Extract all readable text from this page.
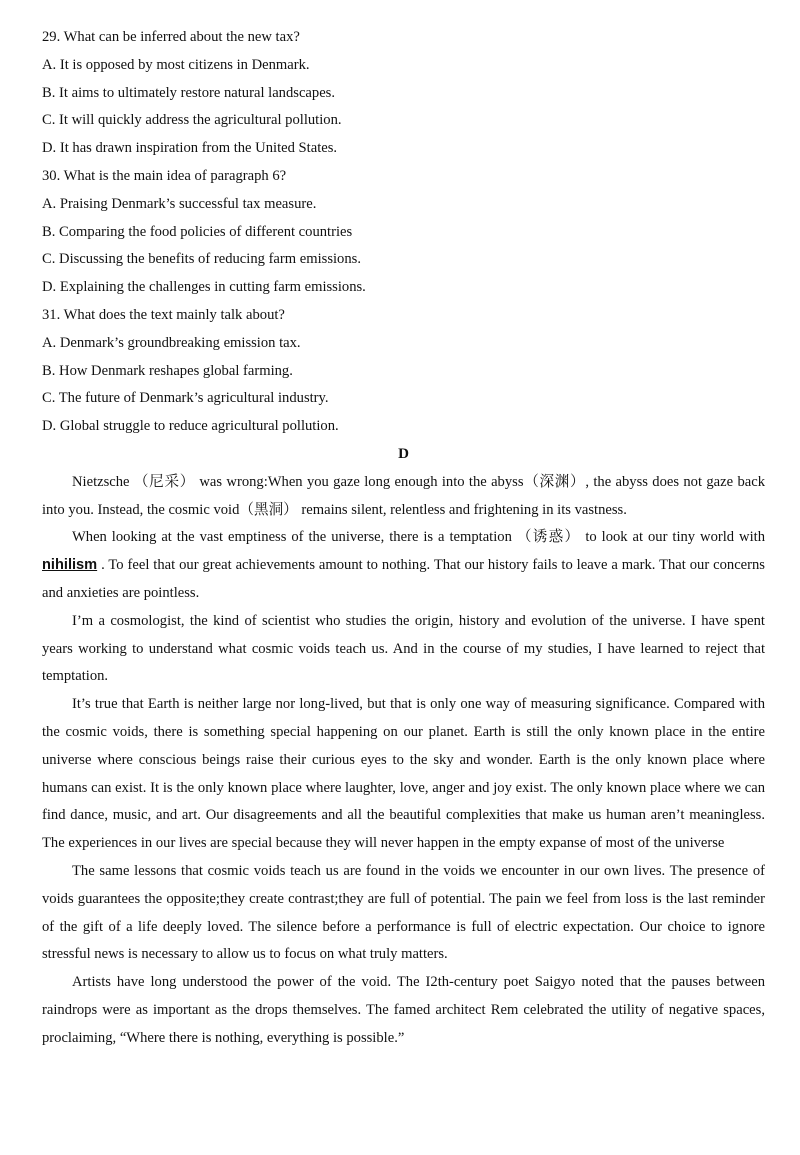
29. What can be inferred about the new tax?
A. It is opposed by most citizens in Denmark.
B. It aims to ultimately restore natural landscapes.
C. It will quickly address the agricultural pollution.
D. It has drawn inspiration from the United States.
30. What is the main idea of paragraph 6?
A. Praising Denmark’s successful tax measure.
B. Comparing the food policies of different countries
C. Discussing the benefits of reducing farm emissions.
D. Explaining the challenges in cutting farm emissions.
31. What does the text mainly talk about?
A. Denmark’s groundbreaking emission tax.
B. How Denmark reshapes global farming.
C. The future of Denmark’s agricultural industry.
D. Global struggle to reduce agricultural pollution.
D

Nietzsche （尼采） was wrong:When you gaze long enough into the abyss（深渊）, the abyss does not gaze back into you. Instead, the cosmic void（黑洞） remains silent, relentless and frightening in its vastness.

When looking at the vast emptiness of the universe, there is a temptation （诱惑） to look at our tiny world with nihilism . To feel that our great achievements amount to nothing. That our history fails to leave a mark. That our concerns and anxieties are pointless.

I’m a cosmologist, the kind of scientist who studies the origin, history and evolution of the universe. I have spent years working to understand what cosmic voids teach us. And in the course of my studies, I have learned to reject that temptation.

It’s true that Earth is neither large nor long-lived, but that is only one way of measuring significance. Compared with the cosmic voids, there is something special happening on our planet. Earth is still the only known place in the entire universe where conscious beings raise their curious eyes to the sky and wonder. Earth is the only known place where humans can exist. It is the only known place where laughter, love, anger and joy exist. The only known place where we can find dance, music, and art. Our disagreements and all the beautiful complexities that make us human aren’t meaningless. The experiences in our lives are special because they will never happen in the empty expanse of most of the universe

The same lessons that cosmic voids teach us are found in the voids we encounter in our own lives. The presence of voids guarantees the opposite;they create contrast;they are full of potential. The pain we feel from loss is the last reminder of the gift of a life deeply loved. The silence before a performance is full of electric expectation. Our choice to ignore stressful news is necessary to allow us to focus on what truly matters.

Artists have long understood the power of the void. The I2th-century poet Saigyo noted that the pauses between raindrops were as important as the drops themselves. The famed architect Rem celebrated the utility of negative spaces, proclaiming, “Where there is nothing, everything is possible.”
